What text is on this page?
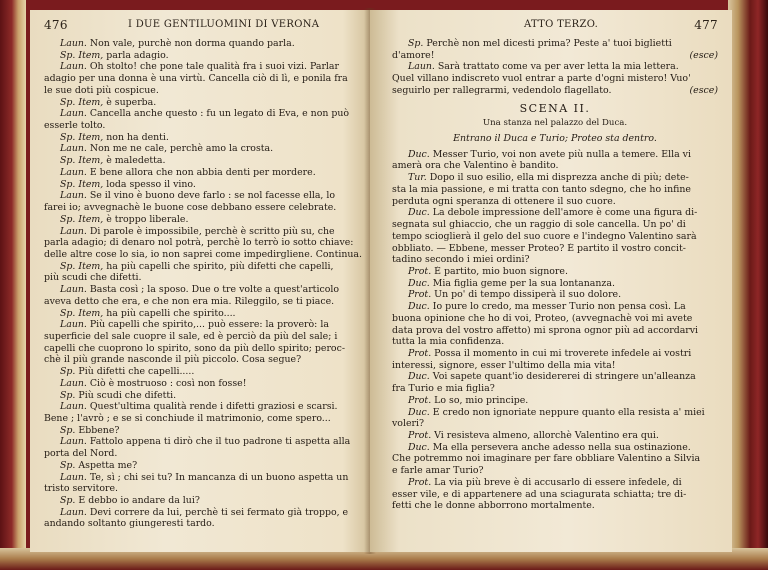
476	I DUE GENTILUOMINI DI VERONA
Laun. Non vale, purchè non dorma quando parla.
Sp. Item, parla adagio.
Laun. Oh stolto! che pone tale qualità fra i suoi vizi. Parlar
adagio per una donna è una virtù. Cancella ciò di lì, e ponila fra
le sue doti più cospicue.
Sp. Item, è superba.
Laun. Cancella anche questo : fu un legato di Eva, e non può
esserle tolto.
Sp. Item, non ha denti.
Laun. Non me ne cale, perchè amo la crosta.
Sp. Item, è maledetta.
Laun. E bene allora che non abbia denti per mordere.
Sp. Item, loda spesso il vino.
Laun. Se il vino è buono deve farlo : se nol facesse ella, lo
farei io; avvegnachè le buone cose debbano essere celebrate.
Sp. Item, è troppo liberale.
Laun. Di parole è impossibile, perchè è scritto più su, che
parla adagio; di denaro nol potrà, perchè lo terrò io sotto chiave:
delle altre cose lo sia, io non saprei come impedirgliene. Continua.
Sp. Item, ha più capelli che spirito, più difetti che capelli,
più scudi che difetti.
Laun. Basta così ; la sposo. Due o tre volte a quest'articolo
aveva detto che era, e che non era mia. Rileggilo, se ti piace.
Sp. Item, ha più capelli che spirito....
Laun. Più capelli che spirito,... può essere: la proverò: la
superficie del sale cuopre il sale, ed è perciò da più del sale; i
capelli che cuoprono lo spirito, sono da più dello spirito; peroc-
chè il più grande nasconde il più piccolo. Cosa segue?
Sp. Più difetti che capelli.....
Laun. Ciò è mostruoso : così non fosse!
Sp. Più scudi che difetti.
Laun. Quest'ultima qualità rende i difetti graziosi e scarsi.
Bene ; l'avrò ; e se si conchiude il matrimonio, come spero...
Sp. Ebbene?
Laun. Fattolo appena ti dirò che il tuo padrone ti aspetta alla
porta del Nord.
Sp. Aspetta me?
Laun. Te, sì ; chi sei tu? In mancanza di un buono aspetta un
tristo servitore.
Sp. E debbo io andare da lui?
Laun. Devi correre da lui, perchè ti sei fermato già troppo, e
andando soltanto giungeresti tardo.
ATTO TERZO.	477
Sp. Perchè non mel dicesti prima? Peste a' tuoi biglietti
d'amore!	(esce)
Laun. Sarà trattato come va per aver letta la mia lettera.
Quel villano indiscreto vuol entrar a parte d'ogni mistero! Vuo'
seguirlo per rallegrarmi, vedendolo flagellato.	(esce)
SCENA II.
Una stanza nel palazzo del Duca.
Entrano il Duca e Turio; Proteo sta dentro.
Duc. Messer Turio, voi non avete più nulla a temere. Ella vi
amerà ora che Valentino è bandito.
Tur. Dopo il suo esilio, ella mi disprezza anche di più; dete-
sta la mia passione, e mi tratta con tanto sdegno, che ho infine
perduta ogni speranza di ottenere il suo cuore.
Duc. La debole impressione dell'amore è come una figura di-
segnata sul ghiaccio, che un raggio di sole cancella. Un po' di
tempo scioglierà il gelo del suo cuore e l'indegno Valentino sarà
obbliato. — Ebbene, messer Proteo? È partito il vostro concit-
tadino secondo i miei ordini?
Prot. È partito, mio buon signore.
Duc. Mia figlia geme per la sua lontananza.
Prot. Un po' di tempo dissiperà il suo dolore.
Duc. Io pure lo credo, ma messer Turio non pensa così. La
buona opinione che ho di voi, Proteo, (avvegnachè voi mi avete
data prova del vostro affetto) mi sprona ognor più ad accordarvi
tutta la mia confidenza.
Prot. Possa il momento in cui mi troverete infedele ai vostri
interessi, signore, esser l'ultimo della mia vita!
Duc. Voi sapete quant'io desidererei di stringere un'alleanza
fra Turio e mia figlia?
Prot. Lo so, mio principe.
Duc. E credo non ignoriate neppure quanto ella resista a' miei
voleri?
Prot. Vi resisteva almeno, allorchè Valentino era qui.
Duc. Ma ella persevera anche adesso nella sua ostinazione.
Che potremmo noi imaginare per fare obbliare Valentino a Silvia
e farle amar Turio?
Prot. La via più breve è di accusarlo di essere infedele, di
esser vile, e di appartenere ad una sciagurata schiatta; tre di-
fetti che le donne abborrono mortalmente.
